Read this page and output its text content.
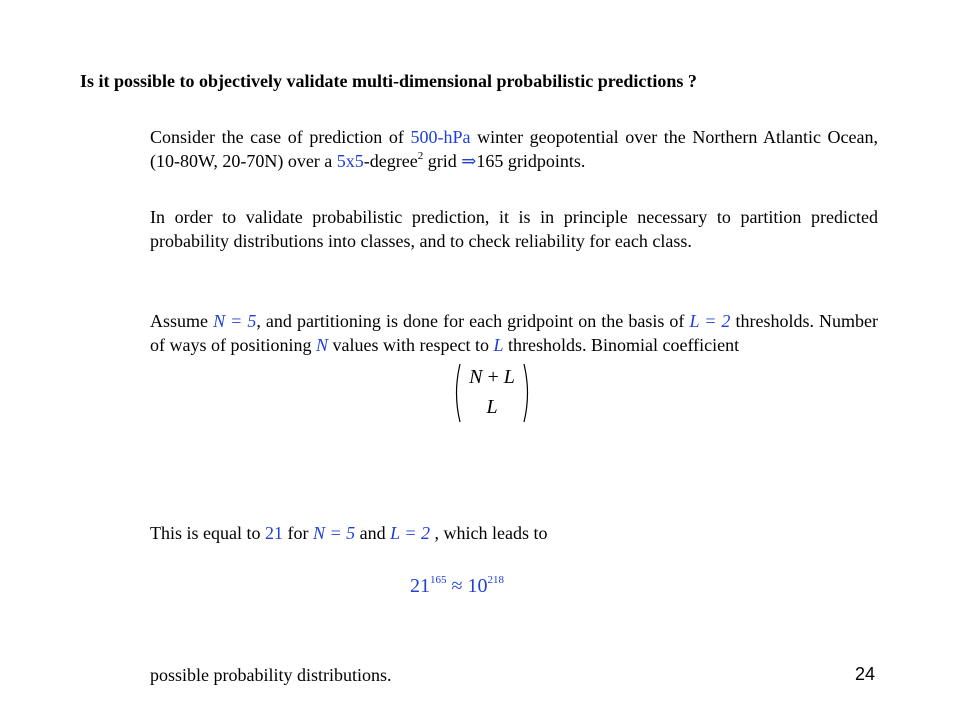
Is it possible to objectively validate multi-dimensional probabilistic predictions ?
Consider the case of prediction of 500-hPa winter geopotential over the Northern Atlantic Ocean, (10-80W, 20-70N) over a 5x5-degree$^2$ grid ⇒165 gridpoints.
In order to validate probabilistic prediction, it is in principle necessary to partition predicted probability distributions into classes, and to check reliability for each class.
Assume N = 5, and partitioning is done for each gridpoint on the basis of L = 2 thresholds. Number of ways of positioning N values with respect to L thresholds. Binomial coefficient
N + L
L
This is equal to 21 for N = 5 and L = 2 , which leads to
$21^{165} \approx 10^{218}$
possible probability distributions.	24
